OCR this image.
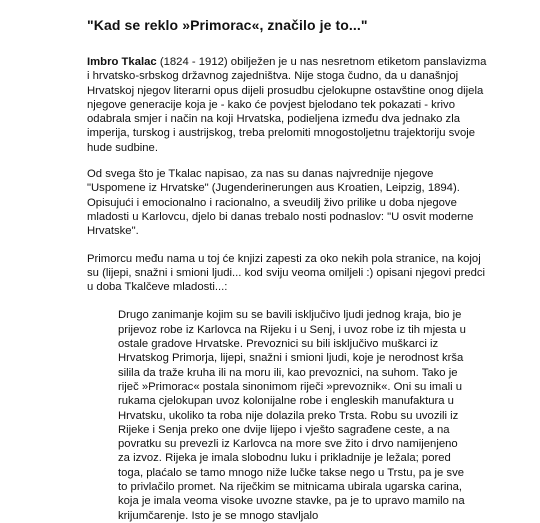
"Kad se reklo »Primorac«, značilo je to..."

Imbro Tkalac (1824 - 1912) obilježen je u nas nesretnom etiketom panslavizma i hrvatsko-srbskog državnog zajedništva. Nije stoga čudno, da u današnjoj Hrvatskoj njegov literarni opus dijeli prosudbu cjelokupne ostavštine onog dijela njegove generacije koja je - kako će povjest bjelodano tek pokazati - krivo odabrala smjer i način na koji Hrvatska, podieljena između dva jednako zla imperija, turskog i austrijskog, treba prelomiti mnogostoljetnu trajektoriju svoje hude sudbine.

Od svega što je Tkalac napisao, za nas su danas najvrednije njegove "Uspomene iz Hrvatske" (Jugenderinerungen aus Kroatien, Leipzig, 1894). Opisujući i emocionalno i racionalno, a sveudilj živo prilike u doba njegove mladosti u Karlovcu, djelo bi danas trebalo nosti podnaslov: "U osvit moderne Hrvatske".

Primorcu među nama u toj će knjizi zapesti za oko nekih pola stranice, na kojoj su (lijepi, snažni i smioni ljudi... kod sviju veoma omiljeli :) opisani njegovi predci u doba Tkalčeve mladosti...:

Drugo zanimanje kojim su se bavili isključivo ljudi jednog kraja, bio je prijevoz robe iz Karlovca na Rijeku i u Senj, i uvoz robe iz tih mjesta u ostale gradove Hrvatske. Prevoznici su bili isključivo muškarci iz Hrvatskog Primorja, lijepi, snažni i smioni ljudi, koje je nerodnost krša silila da traže kruha ili na moru ili, kao prevoznici, na suhom. Tako je riječ »Primorac« postala sinonimom riječi »prevoznik«. Oni su imali u rukama cjelokupan uvoz kolonijalne robe i engleskih manufaktura u Hrvatsku, ukoliko ta roba nije dolazila preko Trsta. Robu su uvozili iz Rijeke i Senja preko one dvije lijepo i vješto sagrađene ceste, a na povratku su prevezli iz Karlovca na more sve žito i drvo namijenjeno za izvoz. Rijeka je imala slobodnu luku i prikladnije je ležala; pored toga, plaćalo se tamo mnogo niže lučke takse nego u Trstu, pa je sve to privlačilo promet. Na riječkim se mitnicama ubirala ugarska carina, koja je imala veoma visoke uvozne stavke, pa je to upravo mamilo na krijumčarenje. Isto je se mnogo stavljalo
